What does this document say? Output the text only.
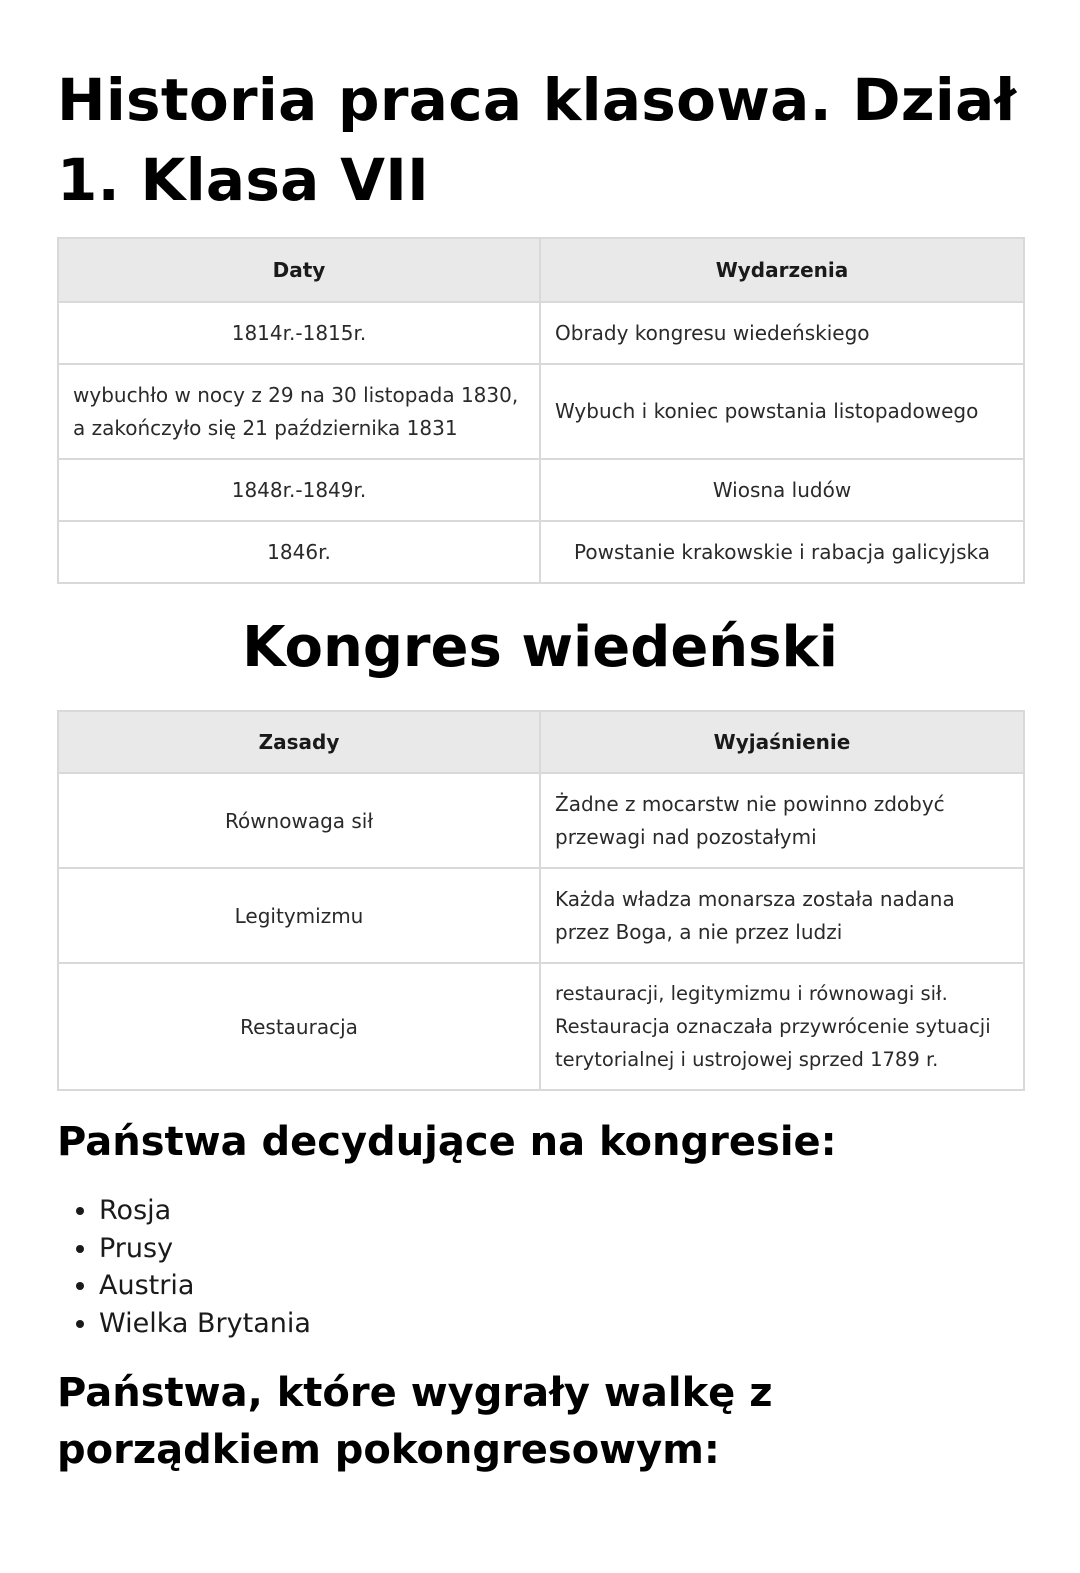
Historia praca klasowa. Dział 1. Klasa VII
Daty	Wydarzenia
1814r.-1815r.	Obrady kongresu wiedeńskiego
wybuchło w nocy z 29 na 30 listopada 1830, a zakończyło się 21 października 1831	Wybuch i koniec powstania listopadowego
1848r.-1849r.	Wiosna ludów
1846r.	Powstanie krakowskie i rabacja galicyjska
Kongres wiedeński
Zasady	Wyjaśnienie
Równowaga sił	Żadne z mocarstw nie powinno zdobyć przewagi nad pozostałymi
Legitymizmu	Każda władza monarsza została nadana przez Boga, a nie przez ludzi
Restauracja	restauracji, legitymizmu i równowagi sił. Restauracja oznaczała przywrócenie sytuacji terytorialnej i ustrojowej sprzed 1789 r.
Państwa decydujące na kongresie:
• Rosja
• Prusy
• Austria
• Wielka Brytania
Państwa, które wygrały walkę z porządkiem pokongresowym:
